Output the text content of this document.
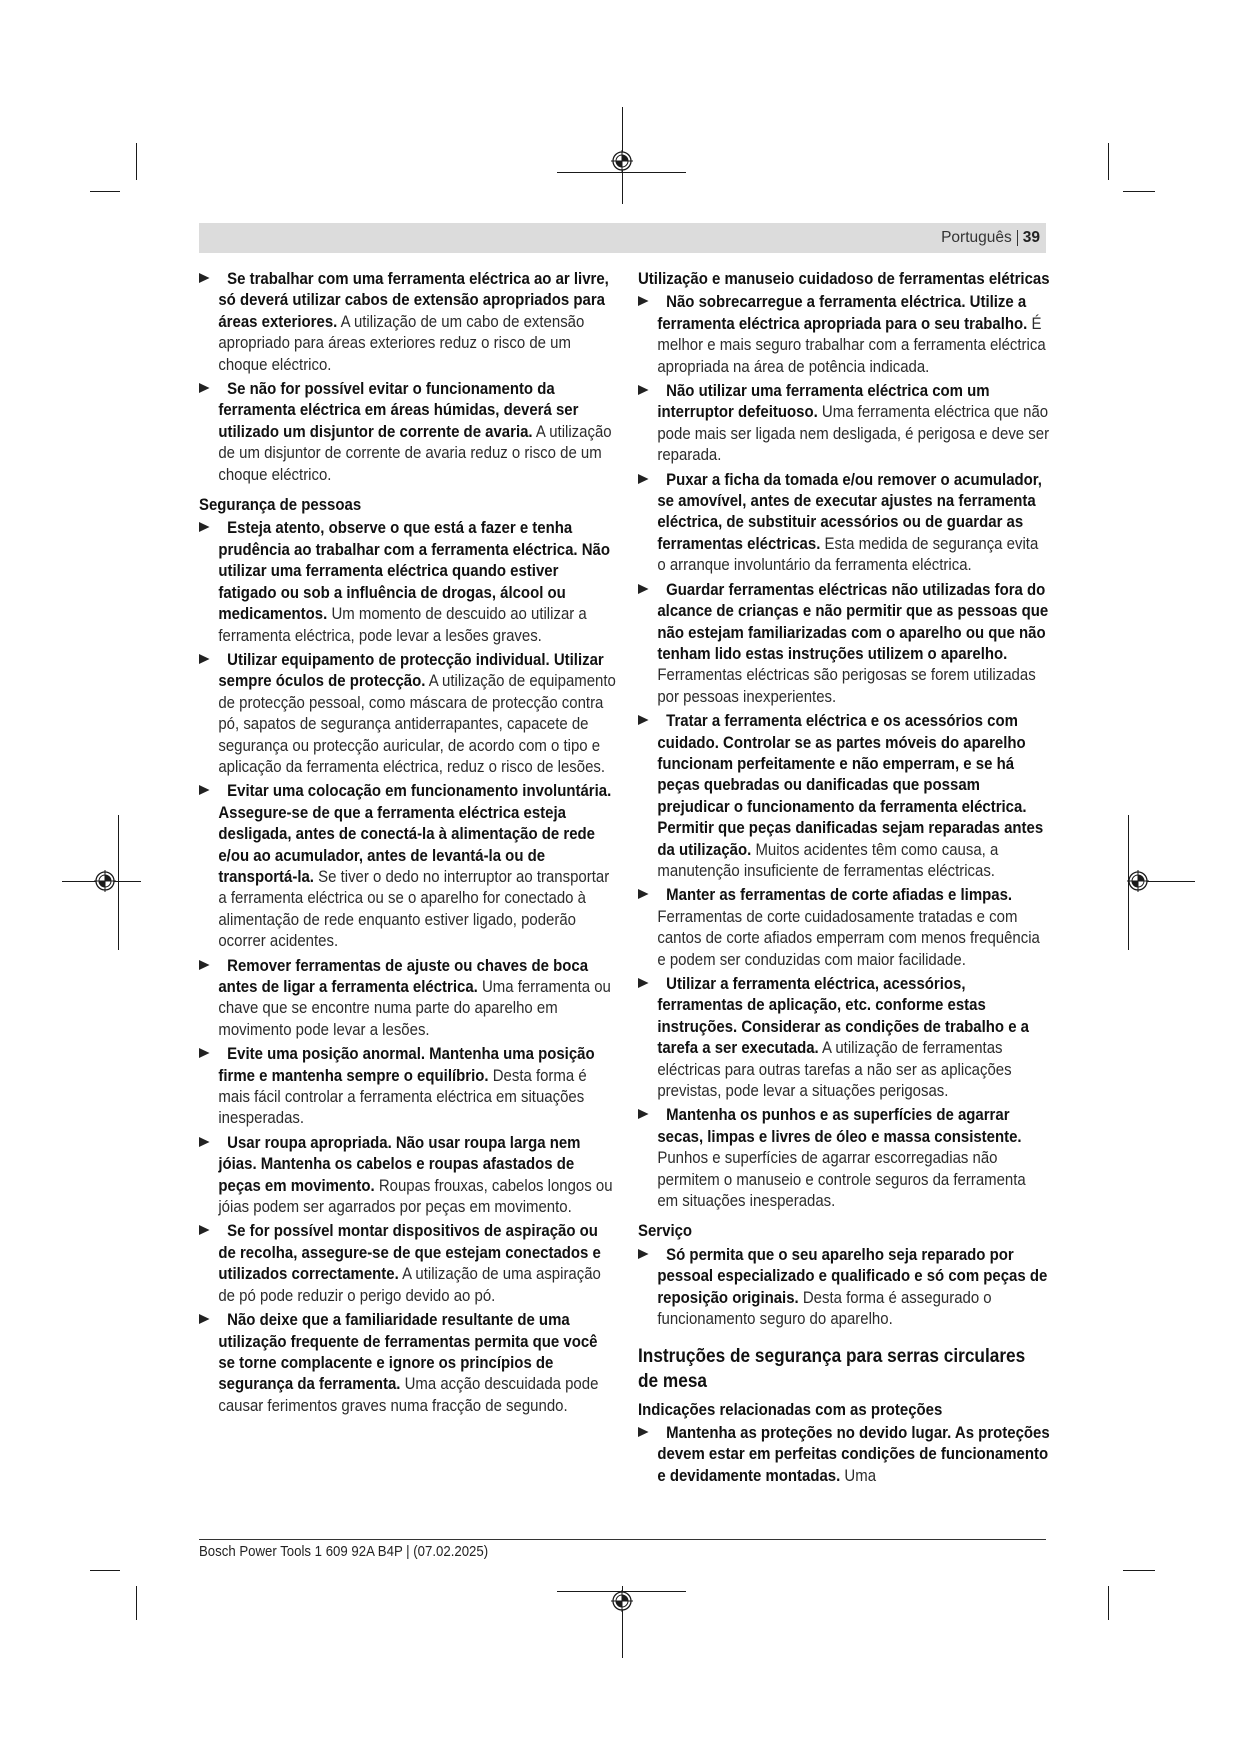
Português 39
Se trabalhar com uma ferramenta eléctrica ao ar livre, só deverá utilizar cabos de extensão apropriados para áreas exteriores. A utilização de um cabo de extensão apropriado para áreas exteriores reduz o risco de um choque eléctrico.
Se não for possível evitar o funcionamento da ferramenta eléctrica em áreas húmidas, deverá ser utilizado um disjuntor de corrente de avaria. A utilização de um disjuntor de corrente de avaria reduz o risco de um choque eléctrico.
Segurança de pessoas
Esteja atento, observe o que está a fazer e tenha prudência ao trabalhar com a ferramenta eléctrica. Não utilizar uma ferramenta eléctrica quando estiver fatigado ou sob a influência de drogas, álcool ou medicamentos. Um momento de descuido ao utilizar a ferramenta eléctrica, pode levar a lesões graves.
Utilizar equipamento de protecção individual. Utilizar sempre óculos de protecção. A utilização de equipamento de protecção pessoal, como máscara de protecção contra pó, sapatos de segurança antiderrapantes, capacete de segurança ou protecção auricular, de acordo com o tipo e aplicação da ferramenta eléctrica, reduz o risco de lesões.
Evitar uma colocação em funcionamento involuntária. Assegure-se de que a ferramenta eléctrica esteja desligada, antes de conectá-la à alimentação de rede e/ou ao acumulador, antes de levantá-la ou de transportá-la. Se tiver o dedo no interruptor ao transportar a ferramenta eléctrica ou se o aparelho for conectado à alimentação de rede enquanto estiver ligado, poderão ocorrer acidentes.
Remover ferramentas de ajuste ou chaves de boca antes de ligar a ferramenta eléctrica. Uma ferramenta ou chave que se encontre numa parte do aparelho em movimento pode levar a lesões.
Evite uma posição anormal. Mantenha uma posição firme e mantenha sempre o equilíbrio. Desta forma é mais fácil controlar a ferramenta eléctrica em situações inesperadas.
Usar roupa apropriada. Não usar roupa larga nem jóias. Mantenha os cabelos e roupas afastados de peças em movimento. Roupas frouxas, cabelos longos ou jóias podem ser agarrados por peças em movimento.
Se for possível montar dispositivos de aspiração ou de recolha, assegure-se de que estejam conectados e utilizados correctamente. A utilização de uma aspiração de pó pode reduzir o perigo devido ao pó.
Não deixe que a familiaridade resultante de uma utilização frequente de ferramentas permita que você se torne complacente e ignore os princípios de segurança da ferramenta. Uma acção descuidada pode causar ferimentos graves numa fracção de segundo.
Utilização e manuseio cuidadoso de ferramentas elétricas
Não sobrecarregue a ferramenta eléctrica. Utilize a ferramenta eléctrica apropriada para o seu trabalho. É melhor e mais seguro trabalhar com a ferramenta eléctrica apropriada na área de potência indicada.
Não utilizar uma ferramenta eléctrica com um interruptor defeituoso. Uma ferramenta eléctrica que não pode mais ser ligada nem desligada, é perigosa e deve ser reparada.
Puxar a ficha da tomada e/ou remover o acumulador, se amovível, antes de executar ajustes na ferramenta eléctrica, de substituir acessórios ou de guardar as ferramentas eléctricas. Esta medida de segurança evita o arranque involuntário da ferramenta eléctrica.
Guardar ferramentas eléctricas não utilizadas fora do alcance de crianças e não permitir que as pessoas que não estejam familiarizadas com o aparelho ou que não tenham lido estas instruções utilizem o aparelho. Ferramentas eléctricas são perigosas se forem utilizadas por pessoas inexperientes.
Tratar a ferramenta eléctrica e os acessórios com cuidado. Controlar se as partes móveis do aparelho funcionam perfeitamente e não emperram, e se há peças quebradas ou danificadas que possam prejudicar o funcionamento da ferramenta eléctrica. Permitir que peças danificadas sejam reparadas antes da utilização. Muitos acidentes têm como causa, a manutenção insuficiente de ferramentas eléctricas.
Manter as ferramentas de corte afiadas e limpas. Ferramentas de corte cuidadosamente tratadas e com cantos de corte afiados emperram com menos frequência e podem ser conduzidas com maior facilidade.
Utilizar a ferramenta eléctrica, acessórios, ferramentas de aplicação, etc. conforme estas instruções. Considerar as condições de trabalho e a tarefa a ser executada. A utilização de ferramentas eléctricas para outras tarefas a não ser as aplicações previstas, pode levar a situações perigosas.
Mantenha os punhos e as superfícies de agarrar secas, limpas e livres de óleo e massa consistente. Punhos e superfícies de agarrar escorregadias não permitem o manuseio e controle seguros da ferramenta em situações inesperadas.
Serviço
Só permita que o seu aparelho seja reparado por pessoal especializado e qualificado e só com peças de reposição originais. Desta forma é assegurado o funcionamento seguro do aparelho.
Instruções de segurança para serras circulares de mesa
Indicações relacionadas com as proteções
Mantenha as proteções no devido lugar. As proteções devem estar em perfeitas condições de funcionamento e devidamente montadas. Uma
Bosch Power Tools 1 609 92A B4P | (07.02.2025)
